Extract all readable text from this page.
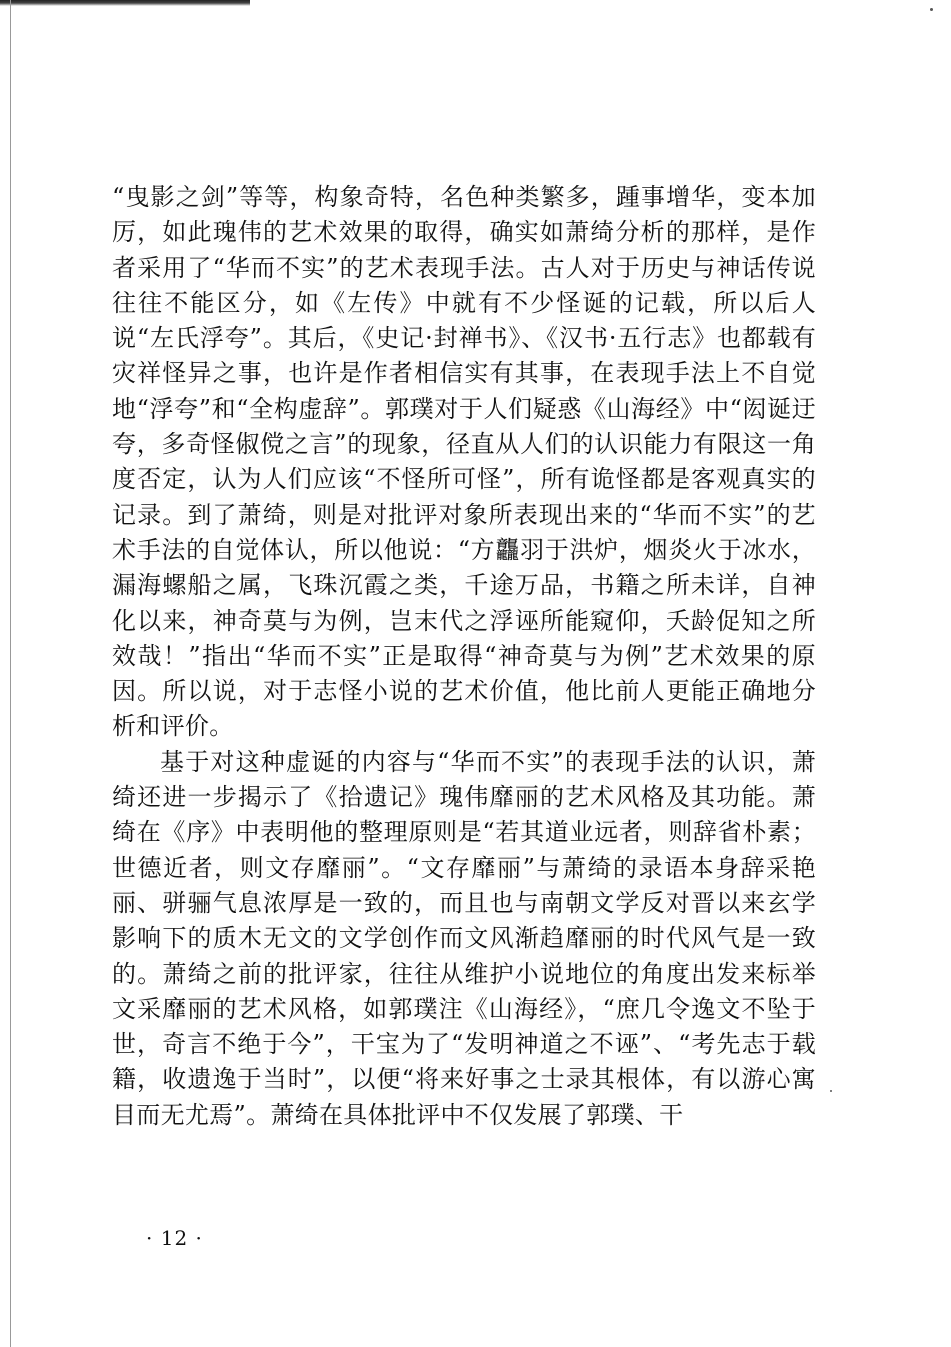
“曳影之剑”等等，构象奇特，名色种类繁多，踵事增华，变本加厉，如此瑰伟的艺术效果的取得，确实如萧绮分析的那样，是作者采用了“华而不实”的艺术表现手法。古人对于历史与神话传说往往不能区分，如《左传》中就有不少怪诞的记载，所以后人说“左氏浮夸”。其后，《史记·封禅书》、《汉书·五行志》也都载有灾祥怪异之事，也许是作者相信实有其事，在表现手法上不自觉地“浮夸”和“全构虚辞”。郭璞对于人们疑惑《山海经》中“闳诞迂夸，多奇怪俶傥之言”的现象，径直从人们的认识能力有限这一角度否定，认为人们应该“不怪所可怪”，所有诡怪都是客观真实的记录。到了萧绮，则是对批评对象所表现出来的“华而不实”的艺术手法的自觉体认，所以他说：“方龘羽于洪炉，烟炎火于冰水，漏海螺船之属，飞珠沉霞之类，千途万品，书籍之所未详，自神化以来，神奇莫与为例，岂末代之浮诬所能窥仰，夭龄促知之所效哉！”指出“华而不实”正是取得“神奇莫与为例”艺术效果的原因。所以说，对于志怪小说的艺术价值，他比前人更能正确地分析和评价。

基于对这种虚诞的内容与“华而不实”的表现手法的认识，萧绮还进一步揭示了《拾遗记》瑰伟靡丽的艺术风格及其功能。萧绮在《序》中表明他的整理原则是“若其道业远者，则辞省朴素；世德近者，则文存靡丽”。“文存靡丽”与萧绮的录语本身辞采艳丽、骈骊气息浓厚是一致的，而且也与南朝文学反对晋以来玄学影响下的质木无文的文学创作而文风渐趋靡丽的时代风气是一致的。萧绮之前的批评家，往往从维护小说地位的角度出发来标举文采靡丽的艺术风格，如郭璞注《山海经》，“庶几令逸文不坠于世，奇言不绝于今”，干宝为了“发明神道之不诬”、“考先志于载籍，收遗逸于当时”，以便“将来好事之士录其根体，有以游心寓目而无尤焉”。萧绮在具体批评中不仅发展了郭璞、干

· 12 ·
